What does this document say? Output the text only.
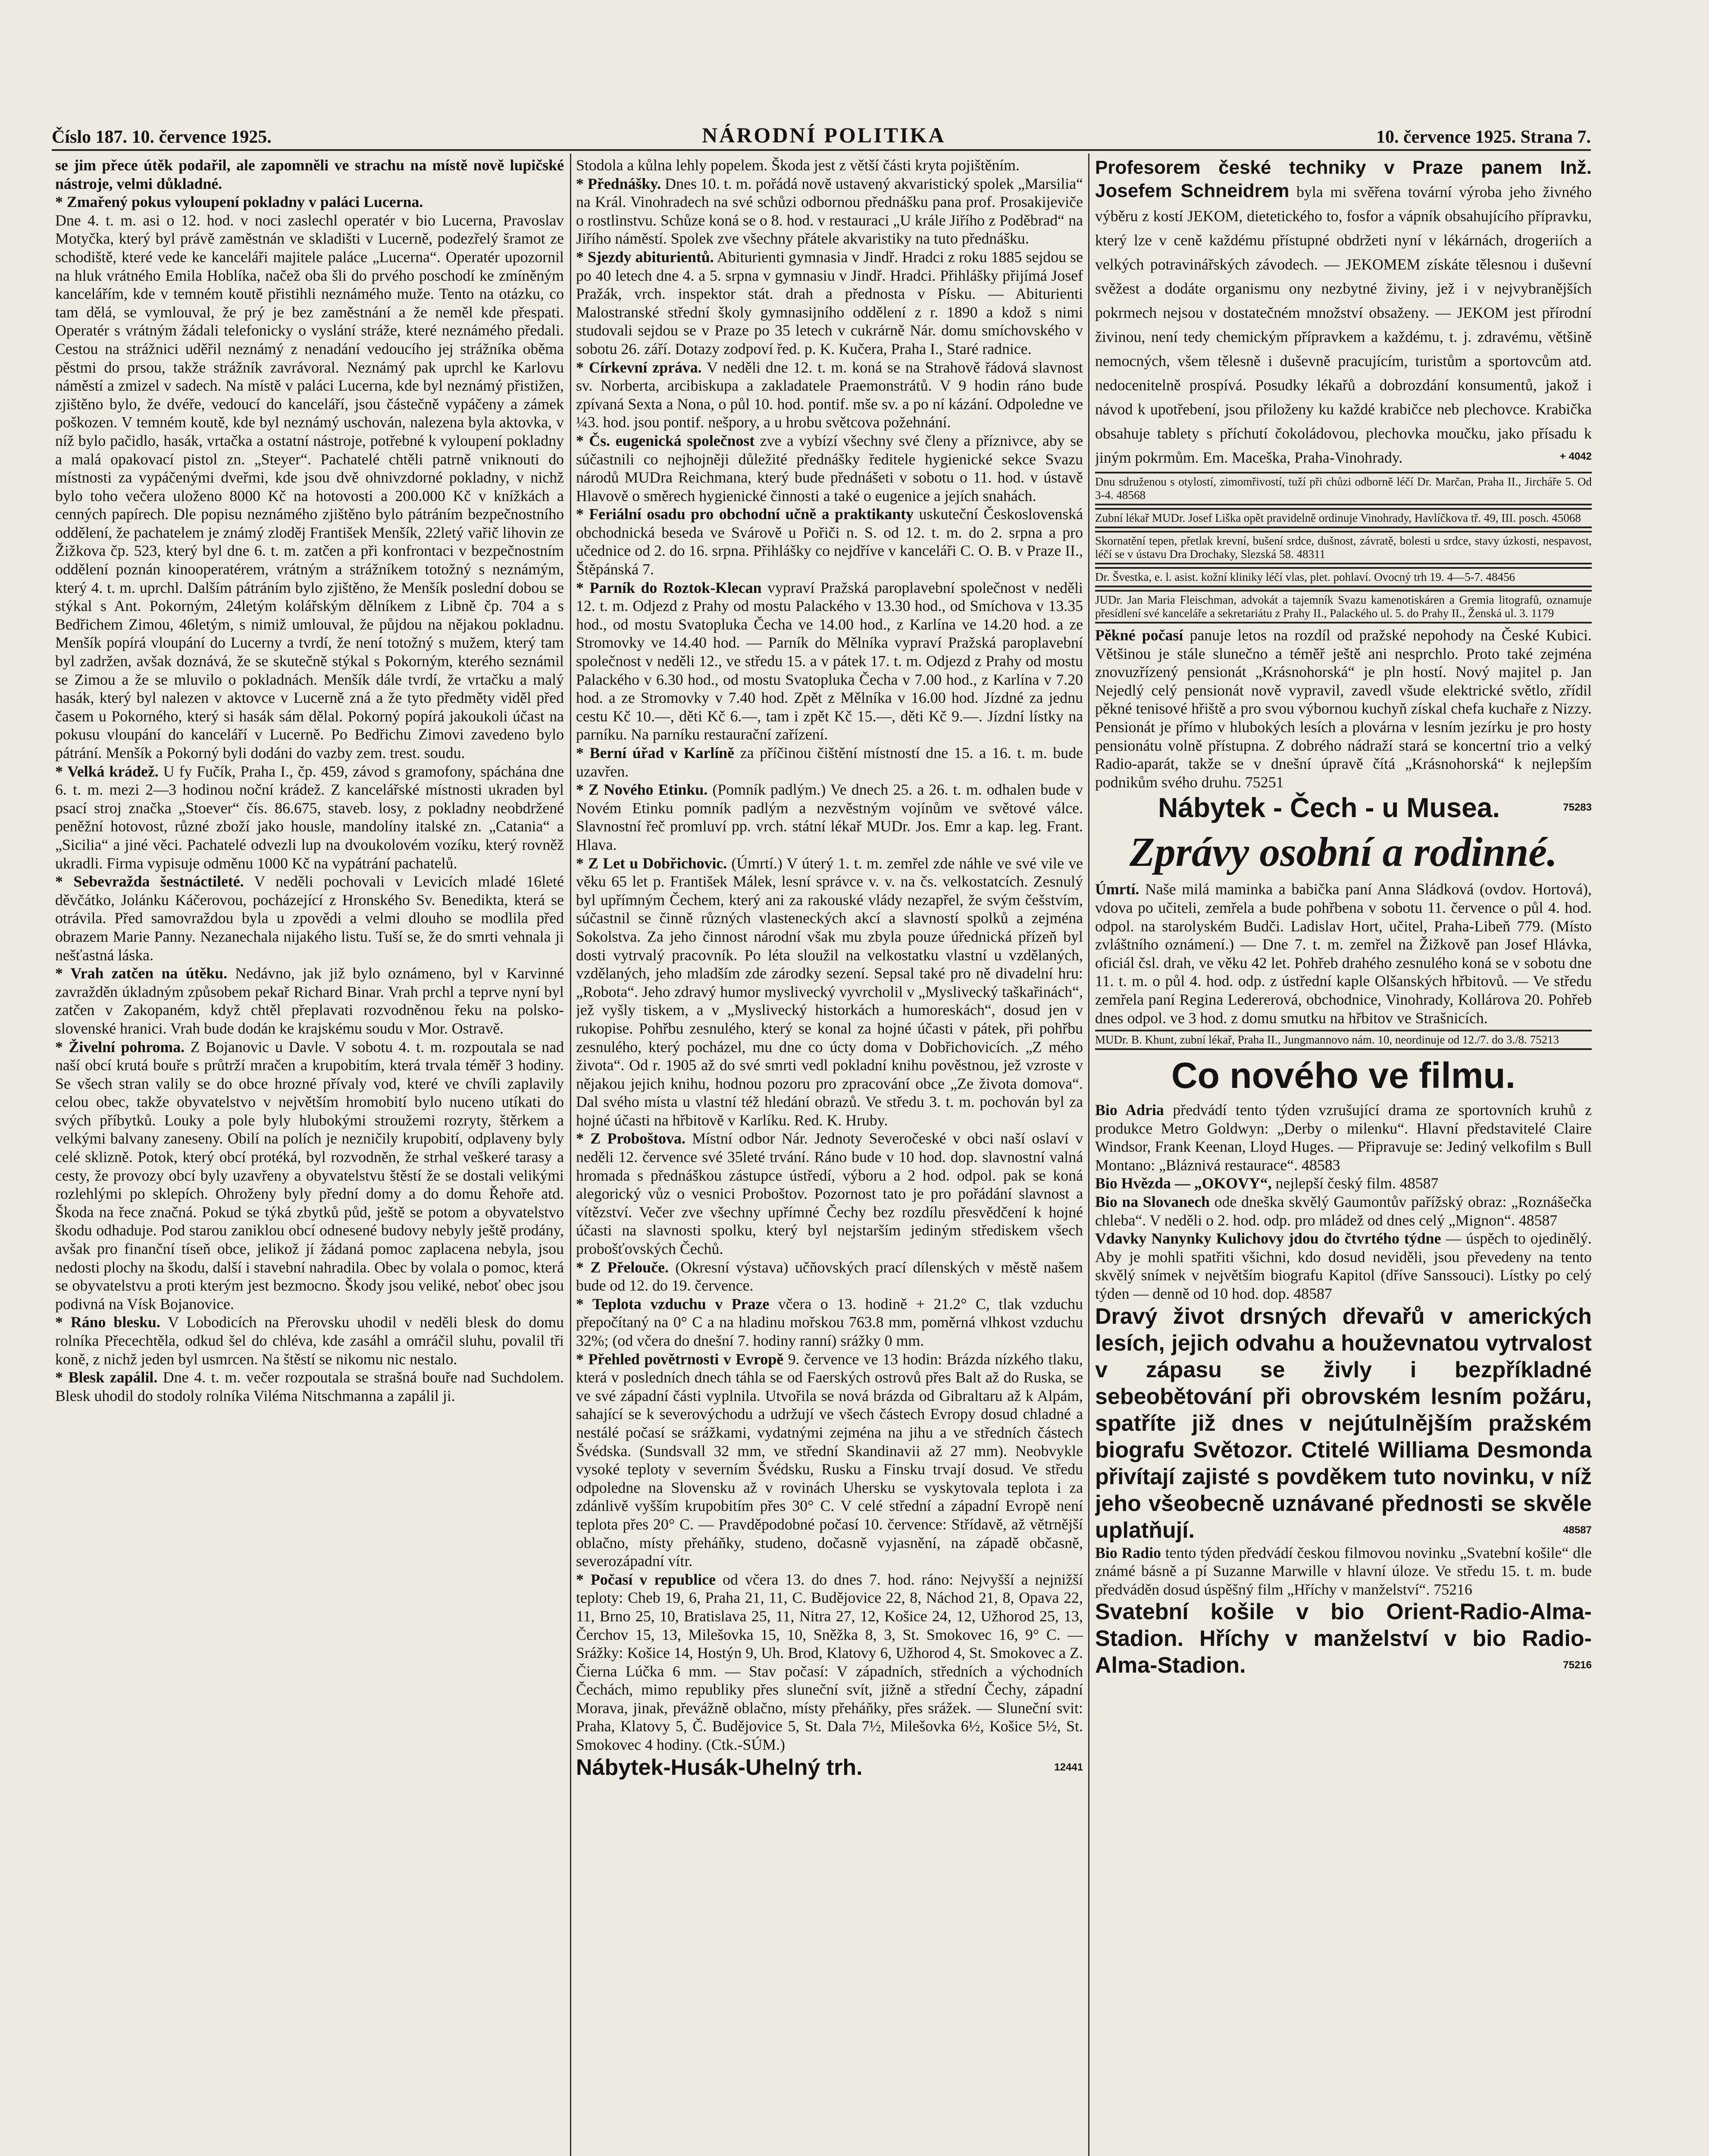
Číslo 187. 10. července 1925.	NÁRODNÍ POLITIKA	10. července 1925. Strana 7.

se jim přece útěk podařil, ale zapomněli ve strachu na místě nově lupičské nástroje, velmi důkladné.

* Zmařený pokus vyloupení pokladny v paláci Lucerna.

Dne 4. t. m. asi o 12. hod. v noci zaslechl operatér v bio Lucerna, Pravoslav Motyčka, který byl právě zaměstnán ve skladišti v Lucerně, podezřelý šramot ze schodiště, které vede ke kanceláři majitele paláce „Lucerna“. Operatér upozornil na hluk vrátného Emila Hoblíka, načež oba šli do prvého poschodí ke zmíněným kancelářím, kde v temném koutě přistihli neznámého muže. Tento na otázku, co tam dělá, se vymlouval, že prý je bez zaměstnání a že neměl kde přespati. Operatér s vrátným žádali telefonicky o vyslání stráže, které neznámého předali. Cestou na strážnici uděřil neznámý z nenadání vedoucího jej strážníka oběma pěstmi do prsou, takže strážník zavrávoral. Neznámý pak uprchl ke Karlovu náměstí a zmizel v sadech. Na místě v paláci Lucerna, kde byl neznámý přistižen, zjištěno bylo, že dvéře, vedoucí do kanceláří, jsou částečně vypáčeny a zámek poškozen. V temném koutě, kde byl neznámý uschován, nalezena byla aktovka, v níž bylo pačidlo, hasák, vrtačka a ostatní nástroje, potřebné k vyloupení pokladny a malá opakovací pistol zn. „Steyer“. Pachatelé chtěli patrně vniknouti do místnosti za vypáčenými dveřmi, kde jsou dvě ohnivzdorné pokladny, v nichž bylo toho večera uloženo 8000 Kč na hotovosti a 200.000 Kč v knížkách a cenných papírech. Dle popisu neznámého zjištěno bylo pátráním bezpečnostního oddělení, že pachatelem je známý zloděj František Menšík, 22letý vařič lihovin ze Žižkova čp. 523, který byl dne 6. t. m. zatčen a při konfrontaci v bezpečnostním oddělení poznán kinooperatérem, vrátným a strážníkem totožný s neznámým, který 4. t. m. uprchl. Dalším pátráním bylo zjištěno, že Menšík poslední dobou se stýkal s Ant. Pokorným, 24letým kolářským dělníkem z Libně čp. 704 a s Bedřichem Zimou, 46letým, s nimiž umlouval, že půjdou na nějakou pokladnu. Menšík popírá vloupání do Lucerny a tvrdí, že není totožný s mužem, který tam byl zadržen, avšak doznává, že se skutečně stýkal s Pokorným, kterého seznámil se Zimou a že se mluvilo o pokladnách. Menšík dále tvrdí, že vrtačku a malý hasák, který byl nalezen v aktovce v Lucerně zná a že tyto předměty viděl před časem u Pokorného, který si hasák sám dělal. Pokorný popírá jakoukoli účast na pokusu vloupání do kanceláří v Lucerně. Po Bedřichu Zimovi zavedeno bylo pátrání. Menšík a Pokorný byli dodáni do vazby zem. trest. soudu.

* Velká krádež. U fy Fučík, Praha I., čp. 459, závod s gramofony, spáchána dne 6. t. m. mezi 2—3 hodinou noční krádež. Z kancelářské místnosti ukraden byl psací stroj značka „Stoever“ čís. 86.675, staveb. losy, z pokladny neobdržené peněžní hotovost, různé zboží jako housle, mandolíny italské zn. „Catania“ a „Sicilia“ a jiné věci. Pachatelé odvezli lup na dvoukolovém vozíku, který rovněž ukradli. Firma vypisuje odměnu 1000 Kč na vypátrání pachatelů.

* Sebevražda šestnáctileté. V neděli pochovali v Levicích mladé 16leté děvčátko, Jolánku Káčerovou, pocházející z Hronského Sv. Benedikta, která se otrávila. Před samovraždou byla u zpovědi a velmi dlouho se modlila před obrazem Marie Panny. Nezanechala nijakého listu. Tuší se, že do smrti vehnala ji nešťastná láska.

* Vrah zatčen na útěku. Nedávno, jak již bylo oznámeno, byl v Karvinné zavražděn úkladným způsobem pekař Richard Binar. Vrah prchl a teprve nyní byl zatčen v Zakopaném, když chtěl přeplavati rozvodněnou řeku na polsko-slovenské hranici. Vrah bude dodán ke krajskému soudu v Mor. Ostravě.

* Živelní pohroma. Z Bojanovic u Davle. V sobotu 4. t. m. rozpoutala se nad naší obcí krutá bouře s průtrží mračen a krupobitím, která trvala téměř 3 hodiny. Se všech stran valily se do obce hrozné přívaly vod, které ve chvíli zaplavily celou obec, takže obyvatelstvo v největším hromobití bylo nuceno utíkati do svých příbytků. Louky a pole byly hlubokými stroužemi rozryty, štěrkem a velkými balvany zaneseny. Obilí na polích je nezničily krupobití, odplaveny byly celé sklizně. Potok, který obcí protéká, byl rozvodněn, že strhal veškeré tarasy a cesty, že provozy obcí byly uzavřeny a obyvatelstvu štěstí že se dostali velikými rozlehlými po sklepích. Ohroženy byly přední domy a do domu Řehoře atd. Škoda na řece značná. Pokud se týká zbytků půd, ještě se potom a obyvatelstvo škodu odhaduje. Pod starou zaniklou obcí odnesené budovy nebyly ještě prodány, avšak pro finanční tíseň obce, jelikož jí žádaná pomoc zaplacena nebyla, jsou nedosti plochy na škodu, další i stavební nahradila. Obec by volala o pomoc, která se obyvatelstvu a proti kterým jest bezmocno. Škody jsou veliké, neboť obec jsou podivná na Vísk Bojanovice.

* Ráno blesku. V Lobodicích na Přerovsku uhodil v neděli blesk do domu rolníka Přecechtěla, odkud šel do chléva, kde zasáhl a omráčil sluhu, povalil tři koně, z nichž jeden byl usmrcen. Na štěstí se nikomu nic nestalo.

* Blesk zapálil. Dne 4. t. m. večer rozpoutala se strašná bouře nad Suchdolem. Blesk uhodil do stodoly rolníka Viléma Nitschmanna a zapálil ji.

Stodola a kůlna lehly popelem. Škoda jest z větší části kryta pojištěním.

* Přednášky. Dnes 10. t. m. pořádá nově ustavený akvaristický spolek „Marsilia“ na Král. Vinohradech na své schůzi odbornou přednášku pana prof. Prosakijeviče o rostlinstvu. Schůze koná se o 8. hod. v restauraci „U krále Jiřího z Poděbrad“ na Jiřího náměstí. Spolek zve všechny přátele akvaristiky na tuto přednášku.

* Sjezdy abiturientů. Abiturienti gymnasia v Jindř. Hradci z roku 1885 sejdou se po 40 letech dne 4. a 5. srpna v gymnasiu v Jindř. Hradci. Přihlášky přijímá Josef Pražák, vrch. inspektor stát. drah a přednosta v Písku. — Abiturienti Malostranské střední školy gymnasijního oddělení z r. 1890 a kdož s nimi studovali sejdou se v Praze po 35 letech v cukrárně Nár. domu smíchovského v sobotu 26. září. Dotazy zodpoví řed. p. K. Kučera, Praha I., Staré radnice.

* Církevní zpráva. V neděli dne 12. t. m. koná se na Strahově řádová slavnost sv. Norberta, arcibiskupa a zakladatele Praemonstrátů. V 9 hodin ráno bude zpívaná Sexta a Nona, o půl 10. hod. pontif. mše sv. a po ní kázání. Odpoledne ve ¼3. hod. jsou pontif. nešpory, a u hrobu světcova požehnání.

* Čs. eugenická společnost zve a vybízí všechny své členy a příznivce, aby se súčastnili co nejhojněji důležité přednášky ředitele hygienické sekce Svazu národů MUDra Reichmana, který bude přednášeti v sobotu o 11. hod. v ústavě Hlavově o směrech hygienické činnosti a také o eugenice a jejích snahách.

* Feriální osadu pro obchodní učně a praktikanty uskuteční Československá obchodnická beseda ve Svárově u Pořiči n. S. od 12. t. m. do 2. srpna a pro učednice od 2. do 16. srpna. Přihlášky co nejdříve v kanceláři C. O. B. v Praze II., Štěpánská 7.

* Parník do Roztok-Klecan vypraví Pražská paroplavební společnost v neděli 12. t. m. Odjezd z Prahy od mostu Palackého v 13.30 hod., od Smíchova v 13.35 hod., od mostu Svatopluka Čecha ve 14.00 hod., z Karlína ve 14.20 hod. a ze Stromovky ve 14.40 hod. — Parník do Mělníka vypraví Pražská paroplavební společnost v neděli 12., ve středu 15. a v pátek 17. t. m. Odjezd z Prahy od mostu Palackého v 6.30 hod., od mostu Svatopluka Čecha v 7.00 hod., z Karlína v 7.20 hod. a ze Stromovky v 7.40 hod. Zpět z Mělníka v 16.00 hod. Jízdné za jednu cestu Kč 10.—, děti Kč 6.—, tam i zpět Kč 15.—, děti Kč 9.—. Jízdní lístky na parníku. Na parníku restaurační zařízení.

* Berní úřad v Karlíně za příčinou čištění místností dne 15. a 16. t. m. bude uzavřen.

* Z Nového Etinku. (Pomník padlým.) Ve dnech 25. a 26. t. m. odhalen bude v Novém Etinku pomník padlým a nezvěstným vojínům ve světové válce. Slavnostní řeč promluví pp. vrch. státní lékař MUDr. Jos. Emr a kap. leg. Frant. Hlava.

* Z Let u Dobřichovic. (Úmrtí.) V úterý 1. t. m. zemřel zde náhle ve své vile ve věku 65 let p. František Málek, lesní správce v. v. na čs. velkostatcích. Zesnulý byl upřímným Čechem, který ani za rakouské vlády nezapřel, že svým češstvím, súčastnil se činně různých vlasteneckých akcí a slavností spolků a zejména Sokolstva. Za jeho činnost národní však mu zbyla pouze úřednická přízeň byl dosti vytrvalý pracovník. Po léta sloužil na velkostatku vlastní u vzdělaných, vzdělaných, jeho mladším zde zárodky sezení. Sepsal také pro ně divadelní hru: „Robota“. Jeho zdravý humor myslivecký vyvrcholil v „Myslivecký taškařinách“, jež vyšly tiskem, a v „Myslivecký historkách a humoreskách“, dosud jen v rukopise. Pohřbu zesnulého, který se konal za hojné účasti v pátek, při pohřbu zesnulého, který pocházel, mu dne co úcty doma v Dobřichovicích. „Z mého života“. Od r. 1905 až do své smrti vedl pokladní knihu pověstnou, jež vzroste v nějakou jejich knihu, hodnou pozoru pro zpracování obce „Ze života domova“. Dal svého místa u vlastní též hledání obrazů. Ve středu 3. t. m. pochován byl za hojné účasti na hřbitově v Karlíku. Red. K. Hruby.

* Z Proboštova. Místní odbor Nár. Jednoty Severočeské v obci naší oslaví v neděli 12. července své 35leté trvání. Ráno bude v 10 hod. dop. slavnostní valná hromada s přednáškou zástupce ústředí, výboru a 2 hod. odpol. pak se koná alegorický vůz o vesnici Proboštov. Pozornost tato je pro pořádání slavnost a vítězství. Večer zve všechny upřímné Čechy bez rozdílu přesvědčení k hojné účasti na slavnosti spolku, který byl nejstarším jediným střediskem všech probošťovských Čechů.

* Z Přelouče. (Okresní výstava) učňovských prací dílenských v městě našem bude od 12. do 19. července.

* Teplota vzduchu v Praze včera o 13. hodině + 21.2° C, tlak vzduchu přepočítaný na 0° C a na hladinu mořskou 763.8 mm, poměrná vlhkost vzduchu 32%; (od včera do dnešní 7. hodiny ranní) srážky 0 mm.

* Přehled povětrnosti v Evropě 9. července ve 13 hodin: Brázda nízkého tlaku, která v posledních dnech táhla se od Faerských ostrovů přes Balt až do Ruska, se ve své západní části vyplnila. Utvořila se nová brázda od Gibraltaru až k Alpám, sahající se k severovýchodu a udržují ve všech částech Evropy dosud chladné a nestálé počasí se srážkami, vydatnými zejména na jihu a ve středních částech Švédska. (Sundsvall 32 mm, ve střední Skandinavii až 27 mm). Neobvykle vysoké teploty v severním Švédsku, Rusku a Finsku trvají dosud. Ve středu odpoledne na Slovensku až v rovinách Uhersku se vyskytovala teplota i za zdánlivě vyšším krupobitím přes 30° C. V celé střední a západní Evropě není teplota přes 20° C. — Pravděpodobné počasí 10. července: Střídavě, až větrnější oblačno, místy přeháňky, studeno, dočasně vyjasnění, na západě občasně, severozápadní vítr.

* Počasí v republice od včera 13. do dnes 7. hod. ráno: Nejvyšší a nejnižší teploty: Cheb 19, 6, Praha 21, 11, C. Budějovice 22, 8, Náchod 21, 8, Opava 22, 11, Brno 25, 10, Bratislava 25, 11, Nitra 27, 12, Košice 24, 12, Užhorod 25, 13, Čerchov 15, 13, Milešovka 15, 10, Sněžka 8, 3, St. Smokovec 16, 9° C. — Srážky: Košice 14, Hostýn 9, Uh. Brod, Klatovy 6, Užhorod 4, St. Smokovec a Z. Čierna Lúčka 6 mm. — Stav počasí: V západních, středních a východních Čechách, mimo republiky přes sluneční svít, jižně a střední Čechy, západní Morava, jinak, převážně oblačno, místy přeháňky, přes srážek. — Sluneční svit: Praha, Klatovy 5, Č. Budějovice 5, St. Dala 7½, Milešovka 6½, Košice 5½, St. Smokovec 4 hodiny. (Ctk.-SÚM.)

Nábytek-Husák-Uhelný trh.	12441

Profesorem české techniky v Praze panem Inž. Josefem Schneidrem byla mi svěřena tovární výroba jeho živného výběru z kostí JEKOM, dietetického to, fosfor a vápník obsahujícího přípravku, který lze v ceně každému přístupné obdržeti nyní v lékárnách, drogeriích a velkých potravinářských závodech. — JEKOMEM získáte tělesnou i duševní svěžest a dodáte organismu ony nezbytné živiny, jež i v nejvybranějších pokrmech nejsou v dostatečném množství obsaženy. — JEKOM jest přírodní živinou, není tedy chemickým přípravkem a každému, t. j. zdravému, většině nemocných, všem tělesně i duševně pracujícím, turistům a sportovcům atd. nedocenitelně prospívá. Posudky lékařů a dobrozdání konsumentů, jakož i návod k upotřebení, jsou přiloženy ku každé krabičce neb plechovce. Krabička obsahuje tablety s příchutí čokoládovou, plechovka moučku, jako přísadu k jiným pokrmům. Em. Maceška, Praha-Vinohrady.	+ 4042

Dnu sdruženou s otylostí, zimomřivostí, tuží při chůzi odborně léčí Dr. Marčan, Praha II., Jircháře 5. Od 3-4. 48568

Zubní lékař MUDr. Josef Liška opět pravidelně ordinuje Vinohrady, Havlíčkova tř. 49, III. posch. 45068

Skornatění tepen, přetlak krevní, bušení srdce, dušnost, závratě, bolesti u srdce, stavy úzkosti, nespavost, léčí se v ústavu Dra Drochaky, Slezská 58. 48311

Dr. Švestka, e. l. asist. kožní kliniky léčí vlas, plet. pohlaví. Ovocný trh 19. 4—5-7. 48456

JUDr. Jan Maria Fleischman, advokát a tajemník Svazu kamenotiskáren a Gremia litografů, oznamuje přesídlení své kanceláře a sekretariátu z Prahy II., Palackého ul. 5. do Prahy II., Ženská ul. 3. 1179

Pěkné počasí panuje letos na rozdíl od pražské nepohody na České Kubici. Většinou je stále slunečno a téměř ještě ani nesprchlo. Proto také zejména znovuzřízený pensionát „Krásnohorská“ je pln hostí. Nový majitel p. Jan Nejedlý celý pensionát nově vypravil, zavedl všude elektrické světlo, zřídil pěkné tenisové hřiště a pro svou výbornou kuchyň získal chefa kuchaře z Nizzy. Pensionát je přímo v hlubokých lesích a plovárna v lesním jezírku je pro hosty pensionátu volně přístupna. Z dobrého nádraží stará se koncertní trio a velký Radio-aparát, takže se v dnešní úpravě čítá „Krásnohorská“ k nejlepším podnikům svého druhu. 75251

Nábytek - Čech - u Musea.	75283

Zprávy osobní a rodinné.

Úmrtí. Naše milá maminka a babička paní Anna Sládková (ovdov. Hortová), vdova po učiteli, zemřela a bude pohřbena v sobotu 11. července o půl 4. hod. odpol. na starolyském Budči. Ladislav Hort, učitel, Praha-Libeň 779. (Místo zvláštního oznámení.) — Dne 7. t. m. zemřel na Žižkově pan Josef Hlávka, oficiál čsl. drah, ve věku 42 let. Pohřeb drahého zesnulého koná se v sobotu dne 11. t. m. o půl 4. hod. odp. z ústřední kaple Olšanských hřbitovů. — Ve středu zemřela paní Regina Ledererová, obchodnice, Vinohrady, Kollárova 20. Pohřeb dnes odpol. ve 3 hod. z domu smutku na hřbitov ve Strašnicích.

MUDr. B. Khunt, zubní lékař, Praha II., Jungmannovo nám. 10, neordinuje od 12./7. do 3./8. 75213

Co nového ve filmu.

Bio Adria předvádí tento týden vzrušující drama ze sportovních kruhů z produkce Metro Goldwyn: „Derby o milenku“. Hlavní představitelé Claire Windsor, Frank Keenan, Lloyd Huges. — Připravuje se: Jediný velkofilm s Bull Montano: „Bláznivá restaurace“. 48583

Bio Hvězda — „OKOVY“, nejlepší český film. 48587

Bio na Slovanech ode dneška skvělý Gaumontův pařížský obraz: „Roznášečka chleba“. V neděli o 2. hod. odp. pro mládež od dnes celý „Mignon“. 48587

Vdavky Nanynky Kulichovy jdou do čtvrtého týdne — úspěch to ojedinělý. Aby je mohli spatřiti všichni, kdo dosud neviděli, jsou převedeny na tento skvělý snímek v největším biografu Kapitol (dříve Sanssouci). Lístky po celý týden — denně od 10 hod. dop. 48587

Dravý život drsných dřevařů v amerických lesích, jejich odvahu a houževnatou vytrvalost v zápasu se živly i bezpříkladné sebeobětování při obrovském lesním požáru, spatříte již dnes v nejútulnějším pražském biografu Světozor. Ctitelé Williama Desmonda přivítají zajisté s povděkem tuto novinku, v níž jeho všeobecně uznávané přednosti se skvěle uplatňují.	48587

Bio Radio tento týden předvádí českou filmovou novinku „Svatební košile“ dle známé básně a pí Suzanne Marwille v hlavní úloze. Ve středu 15. t. m. bude předváděn dosud úspěšný film „Hříchy v manželství“. 75216

Svatební košile v bio Orient-Radio-Alma-Stadion. Hříchy v manželství v bio Radio-Alma-Stadion.	75216
